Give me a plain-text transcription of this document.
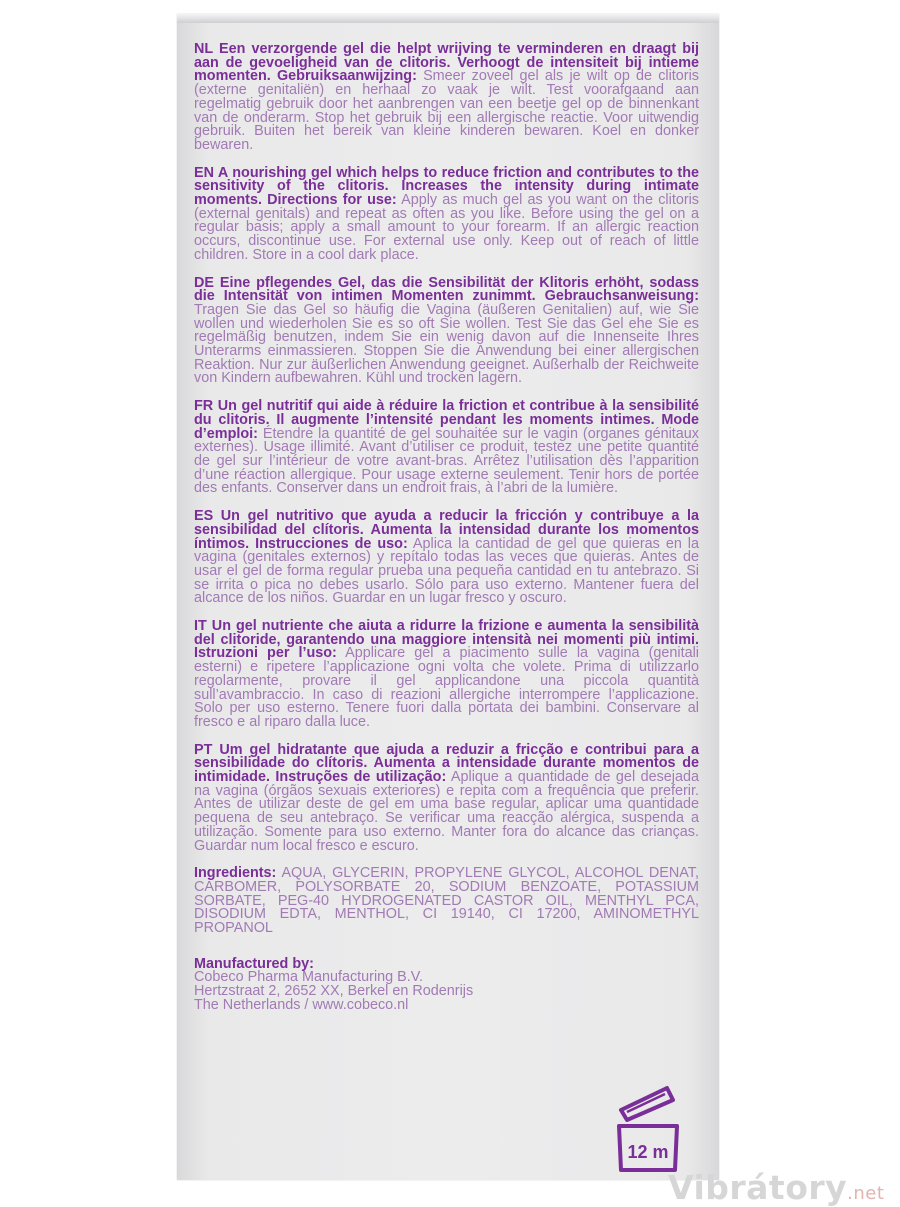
NL Een verzorgende gel die helpt wrijving te verminderen en draagt bij aan de gevoeligheid van de clitoris. Verhoogt de intensiteit bij intieme momenten. Gebruiksaanwijzing: Smeer zoveel gel als je wilt op de clitoris (externe genitaliën) en herhaal zo vaak je wilt. Test voorafgaand aan regelmatig gebruik door het aanbrengen van een beetje gel op de binnenkant van de onderarm. Stop het gebruik bij een allergische reactie. Voor uitwendig gebruik. Buiten het bereik van kleine kinderen bewaren. Koel en donker bewaren.

EN A nourishing gel which helps to reduce friction and contributes to the sensitivity of the clitoris. Increases the intensity during intimate moments. Directions for use: Apply as much gel as you want on the clitoris (external genitals) and repeat as often as you like. Before using the gel on a regular basis; apply a small amount to your forearm. If an allergic reaction occurs, discontinue use. For external use only. Keep out of reach of little children. Store in a cool dark place.

DE Eine pflegendes Gel, das die Sensibilität der Klitoris erhöht, sodass die Intensität von intimen Momenten zunimmt. Gebrauchsanweisung: Tragen Sie das Gel so häufig die Vagina (äußeren Genitalien) auf, wie Sie wollen und wiederholen Sie es so oft Sie wollen. Test Sie das Gel ehe Sie es regelmäßig benutzen, indem Sie ein wenig davon auf die Innenseite Ihres Unterarms einmassieren. Stoppen Sie die Anwendung bei einer allergischen Reaktion. Nur zur äußerlichen Anwendung geeignet. Außerhalb der Reichweite von Kindern aufbewahren. Kühl und trocken lagern.

FR Un gel nutritif qui aide à réduire la friction et contribue à la sensibilité du clitoris. Il augmente l’intensité pendant les moments intimes. Mode d’emploi: Étendre la quantité de gel souhaitée sur le vagin (organes génitaux externes). Usage illimité. Avant d’utiliser ce produit, testez une petite quantité de gel sur l’intérieur de votre avant-bras. Arrêtez l’utilisation dès l’apparition d’une réaction allergique. Pour usage externe seulement. Tenir hors de portée des enfants. Conserver dans un endroit frais, à l’abri de la lumière.

ES Un gel nutritivo que ayuda a reducir la fricción y contribuye a la sensibilidad del clítoris. Aumenta la intensidad durante los momentos íntimos. Instrucciones de uso: Aplica la cantidad de gel que quieras en la vagina (genitales externos) y repítalo todas las veces que quieras. Antes de usar el gel de forma regular prueba una pequeña cantidad en tu antebrazo. Si se irrita o pica no debes usarlo. Sólo para uso externo. Mantener fuera del alcance de los niños. Guardar en un lugar fresco y oscuro.

IT Un gel nutriente che aiuta a ridurre la frizione e aumenta la sensibilità del clitoride, garantendo una maggiore intensità nei momenti più intimi. Istruzioni per l’uso: Applicare gel a piacimento sulle la vagina (genitali esterni) e ripetere l’applicazione ogni volta che volete. Prima di utilizzarlo regolarmente, provare il gel applicandone una piccola quantità sull’avambraccio. In caso di reazioni allergiche interrompere l’applicazione. Solo per uso esterno. Tenere fuori dalla portata dei bambini. Conservare al fresco e al riparo dalla luce.

PT Um gel hidratante que ajuda a reduzir a fricção e contribui para a sensibilidade do clítoris. Aumenta a intensidade durante momentos de intimidade. Instruções de utilização: Aplique a quantidade de gel desejada na vagina (órgãos sexuais exteriores) e repita com a frequência que preferir. Antes de utilizar deste de gel em uma base regular, aplicar uma quantidade pequena de seu antebraço. Se verificar uma reacção alérgica, suspenda a utilização. Somente para uso externo. Manter fora do alcance das crianças. Guardar num local fresco e escuro.

Ingredients: AQUA, GLYCERIN, PROPYLENE GLYCOL, ALCOHOL DENAT, CARBOMER, POLYSORBATE 20, SODIUM BENZOATE, POTASSIUM SORBATE, PEG-40 HYDROGENATED CASTOR OIL, MENTHYL PCA, DISODIUM EDTA, MENTHOL, CI 19140, CI 17200, AMINOMETHYL PROPANOL

Manufactured by:
Cobeco Pharma Manufacturing B.V.
Hertzstraat 2, 2652 XX, Berkel en Rodenrijs
The Netherlands / www.cobeco.nl
12 m
Vibrátory.net
